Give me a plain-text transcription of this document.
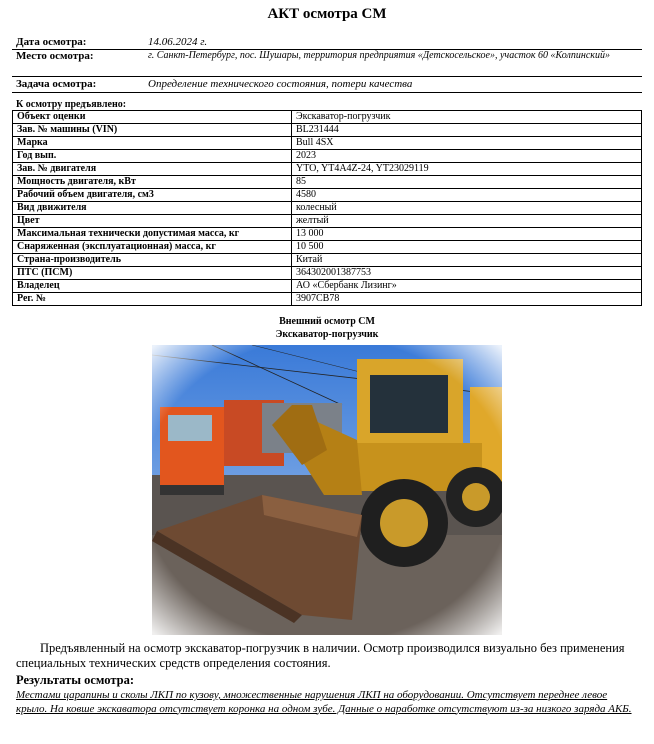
АКТ осмотра СМ
Дата осмотра:	14.06.2024 г.
Место осмотра:	г. Санкт-Петербург, пос. Шушары, территория предприятия «Детскосельское», участок 60 «Колпинский»
Задача осмотра:	Определение технического состояния, потери качества
К осмотру предъявлено:
Объект оценки	Экскаватор-погрузчик
Зав. № машины (VIN)	BL231444
Марка	Bull 4SX
Год вып.	2023
Зав. № двигателя	YTO, YT4A4Z-24, YT23029119
Мощность двигателя, кВт	85
Рабочий объем двигателя, см3	4580
Вид движителя	колесный
Цвет	желтый
Максимальная технически допустимая масса, кг	13 000
Снаряженная (эксплуатационная) масса, кг	10 500
Страна-производитель	Китай
ПТС (ПСМ)	364302001387753
Владелец	АО «Сбербанк Лизинг»
Рег. №	3907СВ78
Внешний осмотр СМ
Экскаватор-погрузчик
Предъявленный на осмотр экскаватор-погрузчик в наличии. Осмотр производился визуально без применения специальных технических средств определения состояния.
Результаты осмотра:
Местами царапины и сколы ЛКП по кузову, множественные нарушения ЛКП на оборудовании. Отсутствует переднее левое крыло. На ковше экскаватора отсутствует коронка на одном зубе. Данные о наработке отсутствуют из-за низкого заряда АКБ.
